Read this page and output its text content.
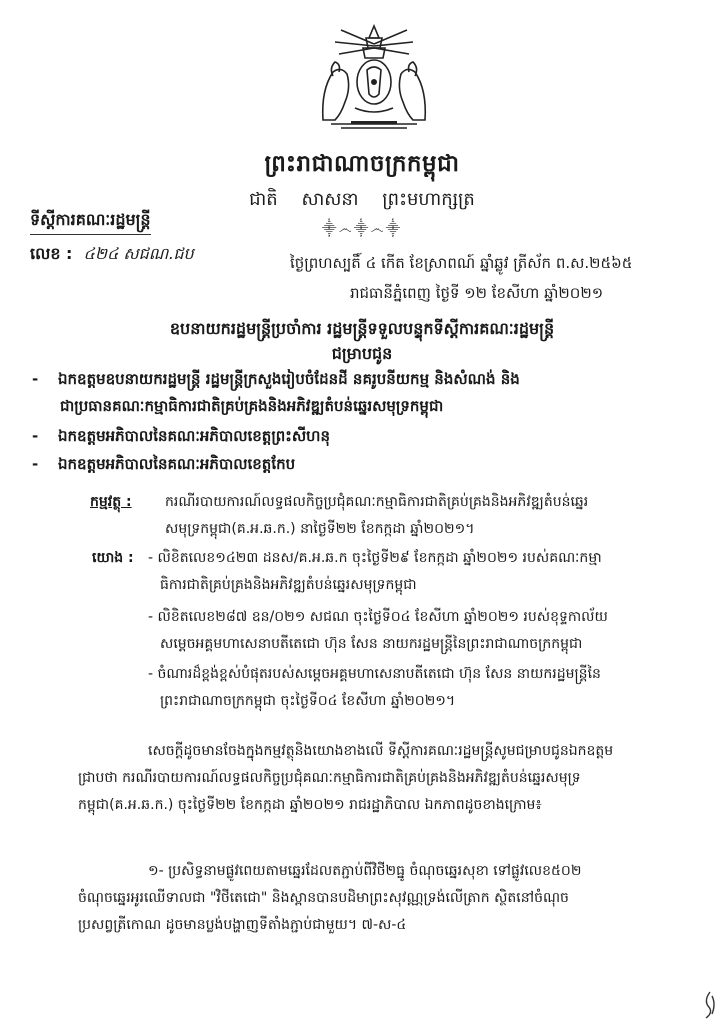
ព្រះរាជាណាចក្រកម្ពុជា
ជាតិ សាសនា ព្រះមហាក្សត្រ
⸎෴⸎෴⸎
ទីស្តីការគណៈរដ្ឋមន្ត្រី
លេខ : ៤២៤ សជណ.ជប	ថ្ងៃព្រហស្បតិ៍ ៤ កើត ខែស្រាពណ៍ ឆ្នាំឆ្លូវ ត្រីស័ក ព.ស.២៥៦៥
រាជធានីភ្នំពេញ ថ្ងៃទី ១២ ខែសីហា ឆ្នាំ២០២១
ឧបនាយករដ្ឋមន្ត្រីប្រចាំការ រដ្ឋមន្ត្រីទទួលបន្ទុកទីស្តីការគណៈរដ្ឋមន្ត្រី
ជម្រាបជូន
- ឯកឧត្តមឧបនាយករដ្ឋមន្ត្រី រដ្ឋមន្ត្រីក្រសួងរៀបចំដែនដី នគរូបនីយកម្ម និងសំណង់ និង
ជាប្រធានគណៈកម្មាធិការជាតិគ្រប់គ្រងនិងអភិវឌ្ឍតំបន់ឆ្នេរសមុទ្រកម្ពុជា
- ឯកឧត្តមអភិបាលនៃគណៈអភិបាលខេត្តព្រះសីហនុ
- ឯកឧត្តមអភិបាលនៃគណៈអភិបាលខេត្តកែប
កម្មវត្ថុ : ករណីរបាយការណ៍លទ្ធផលកិច្ចប្រជុំគណៈកម្មាធិការជាតិគ្រប់គ្រងនិងអភិវឌ្ឍតំបន់ឆ្នេរ
សមុទ្រកម្ពុជា(គ.អ.ឆ.ក.) នាថ្ងៃទី២២ ខែកក្កដា ឆ្នាំ២០២១។
យោង : - លិខិតលេខ១៤២៣ ដនស/គ.អ.ឆ.ក ចុះថ្ងៃទី២៩ ខែកក្កដា ឆ្នាំ២០២១ របស់គណៈកម្មា
ធិការជាតិគ្រប់គ្រងនិងអភិវឌ្ឍតំបន់ឆ្នេរសមុទ្រកម្ពុជា
- លិខិតលេខ២៨៧ ឧន/០២១ សជណ ចុះថ្ងៃទី០៤ ខែសីហា ឆ្នាំ២០២១ របស់ខុទ្ទកាល័យ
សម្តេចអគ្គមហាសេនាបតីតេជោ ហ៊ុន សែន នាយករដ្ឋមន្ត្រីនៃព្រះរាជាណាចក្រកម្ពុជា
- ចំណារដ៏ខ្ពង់ខ្ពស់បំផុតរបស់សម្តេចអគ្គមហាសេនាបតីតេជោ ហ៊ុន សែន នាយករដ្ឋមន្ត្រីនៃ
ព្រះរាជាណាចក្រកម្ពុជា ចុះថ្ងៃទី០៤ ខែសីហា ឆ្នាំ២០២១។
សេចក្តីដូចមានចែងក្នុងកម្មវត្ថុនិងយោងខាងលើ ទីស្តីការគណៈរដ្ឋមន្ត្រីសូមជម្រាបជូនឯកឧត្តម
ជ្រាបថា ករណីរបាយការណ៍លទ្ធផលកិច្ចប្រជុំគណៈកម្មាធិការជាតិគ្រប់គ្រងនិងអភិវឌ្ឍតំបន់ឆ្នេរសមុទ្រ
កម្ពុជា(គ.អ.ឆ.ក.) ចុះថ្ងៃទី២២ ខែកក្កដា ឆ្នាំ២០២១ រាជរដ្ឋាភិបាល ឯកភាពដូចខាងក្រោម៖
១- ប្រសិទ្ធនាមផ្លូវពេយតាមឆ្នេរដែលតភ្ជាប់ពីវិថី២ធ្នូ ចំណុចឆ្នេរសុខា ទៅផ្លូវលេខ៥០២
ចំណុចឆ្នេរអូរឈើទាលជា "វិថីតេជោ" និងស្ពានបានបដិមាព្រះសុវណ្ណទ្រង់លើត្រាក ស្ថិតនៅចំណុច
ប្រសព្វត្រីកោណ ដូចមានប្លង់បង្ហាញទីតាំងភ្ជាប់ជាមួយ។ ៧-ស-៤
